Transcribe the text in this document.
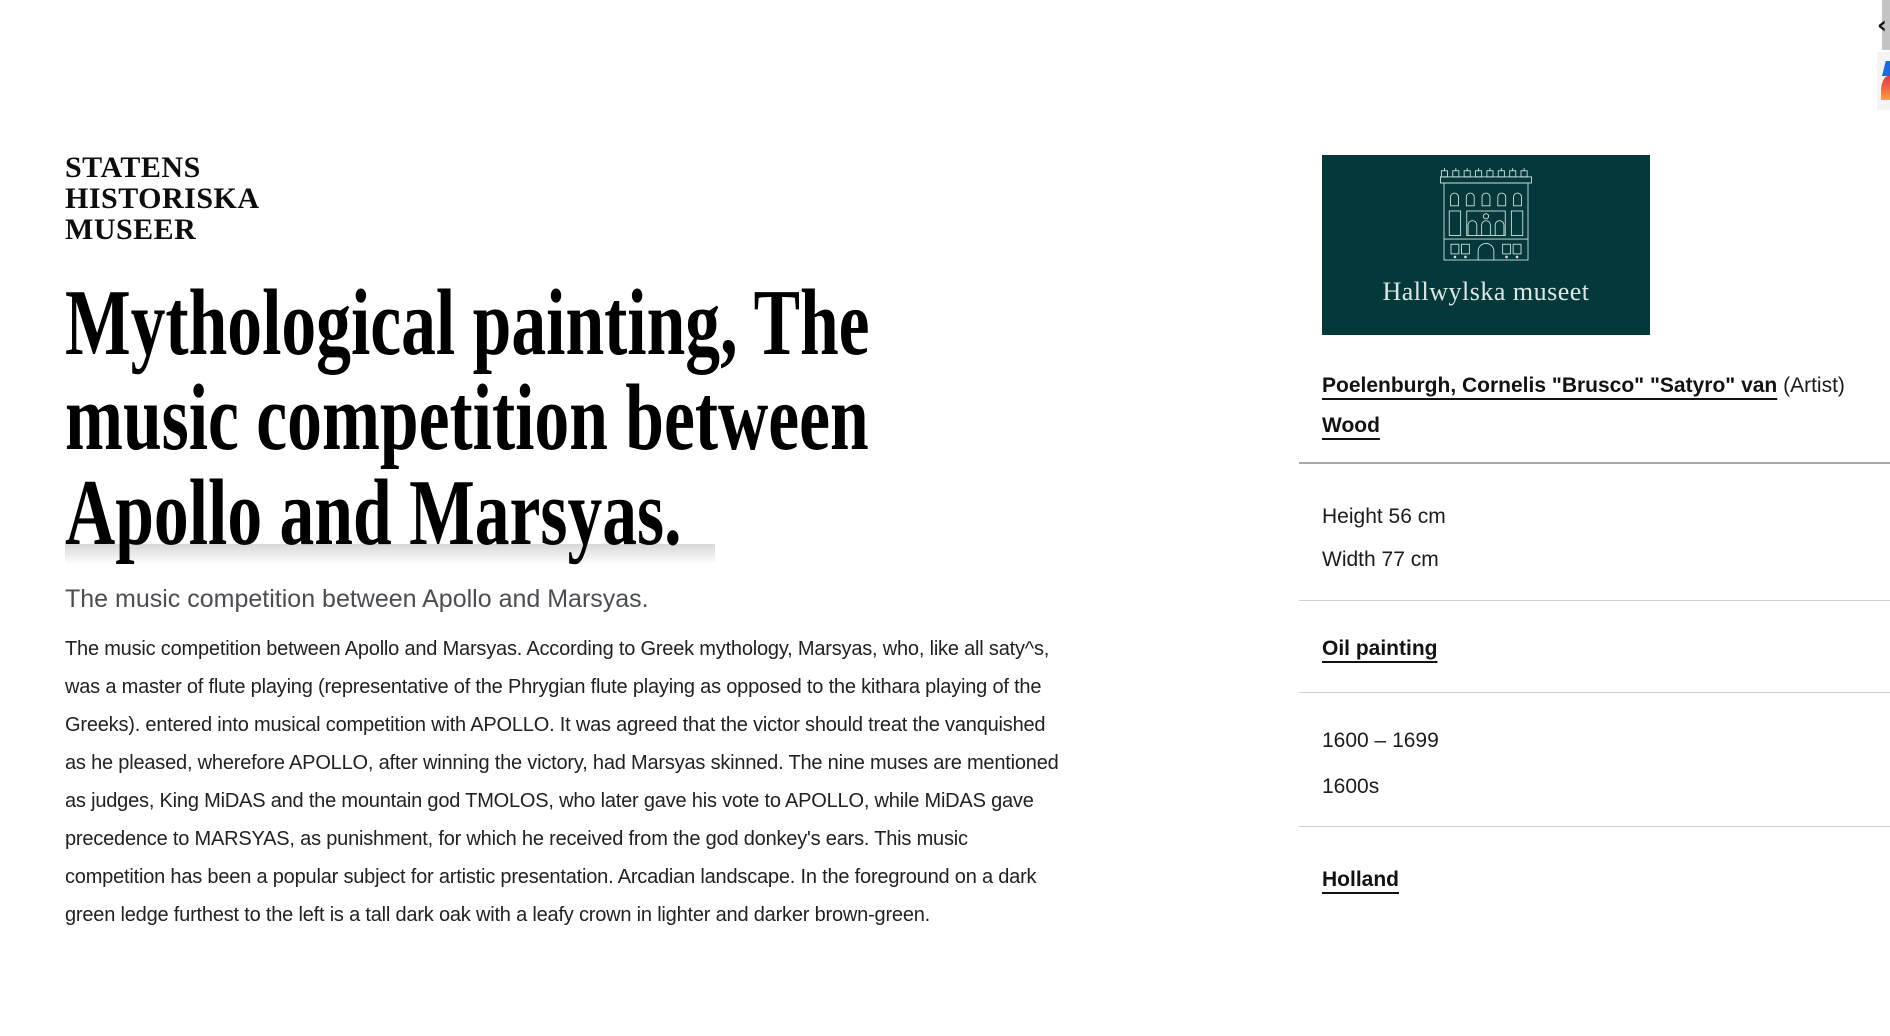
STATENS
HISTORISKA
MUSEER
Mythological painting, The
music competition between
Apollo and Marsyas.

The music competition between Apollo and Marsyas.

The music competition between Apollo and Marsyas. According to Greek mythology, Marsyas, who, like all saty^s, was a master of flute playing (representative of the Phrygian flute playing as opposed to the kithara playing of the Greeks). entered into musical competition with APOLLO. It was agreed that the victor should treat the vanquished as he pleased, wherefore APOLLO, after winning the victory, had Marsyas skinned. The nine muses are mentioned as judges, King MiDAS and the mountain god TMOLOS, who later gave his vote to APOLLO, while MiDAS gave precedence to MARSYAS, as punishment, for which he received from the god donkey's ears. This music competition has been a popular subject for artistic presentation. Arcadian landscape. In the foreground on a dark green ledge furthest to the left is a tall dark oak with a leafy crown in lighter and darker brown-green.

Hallwylska museet
Poelenburgh, Cornelis "Brusco" "Satyro" van (Artist)
Wood
Height 56 cm
Width 77 cm
Oil painting
1600 – 1699
1600s
Holland
‹
